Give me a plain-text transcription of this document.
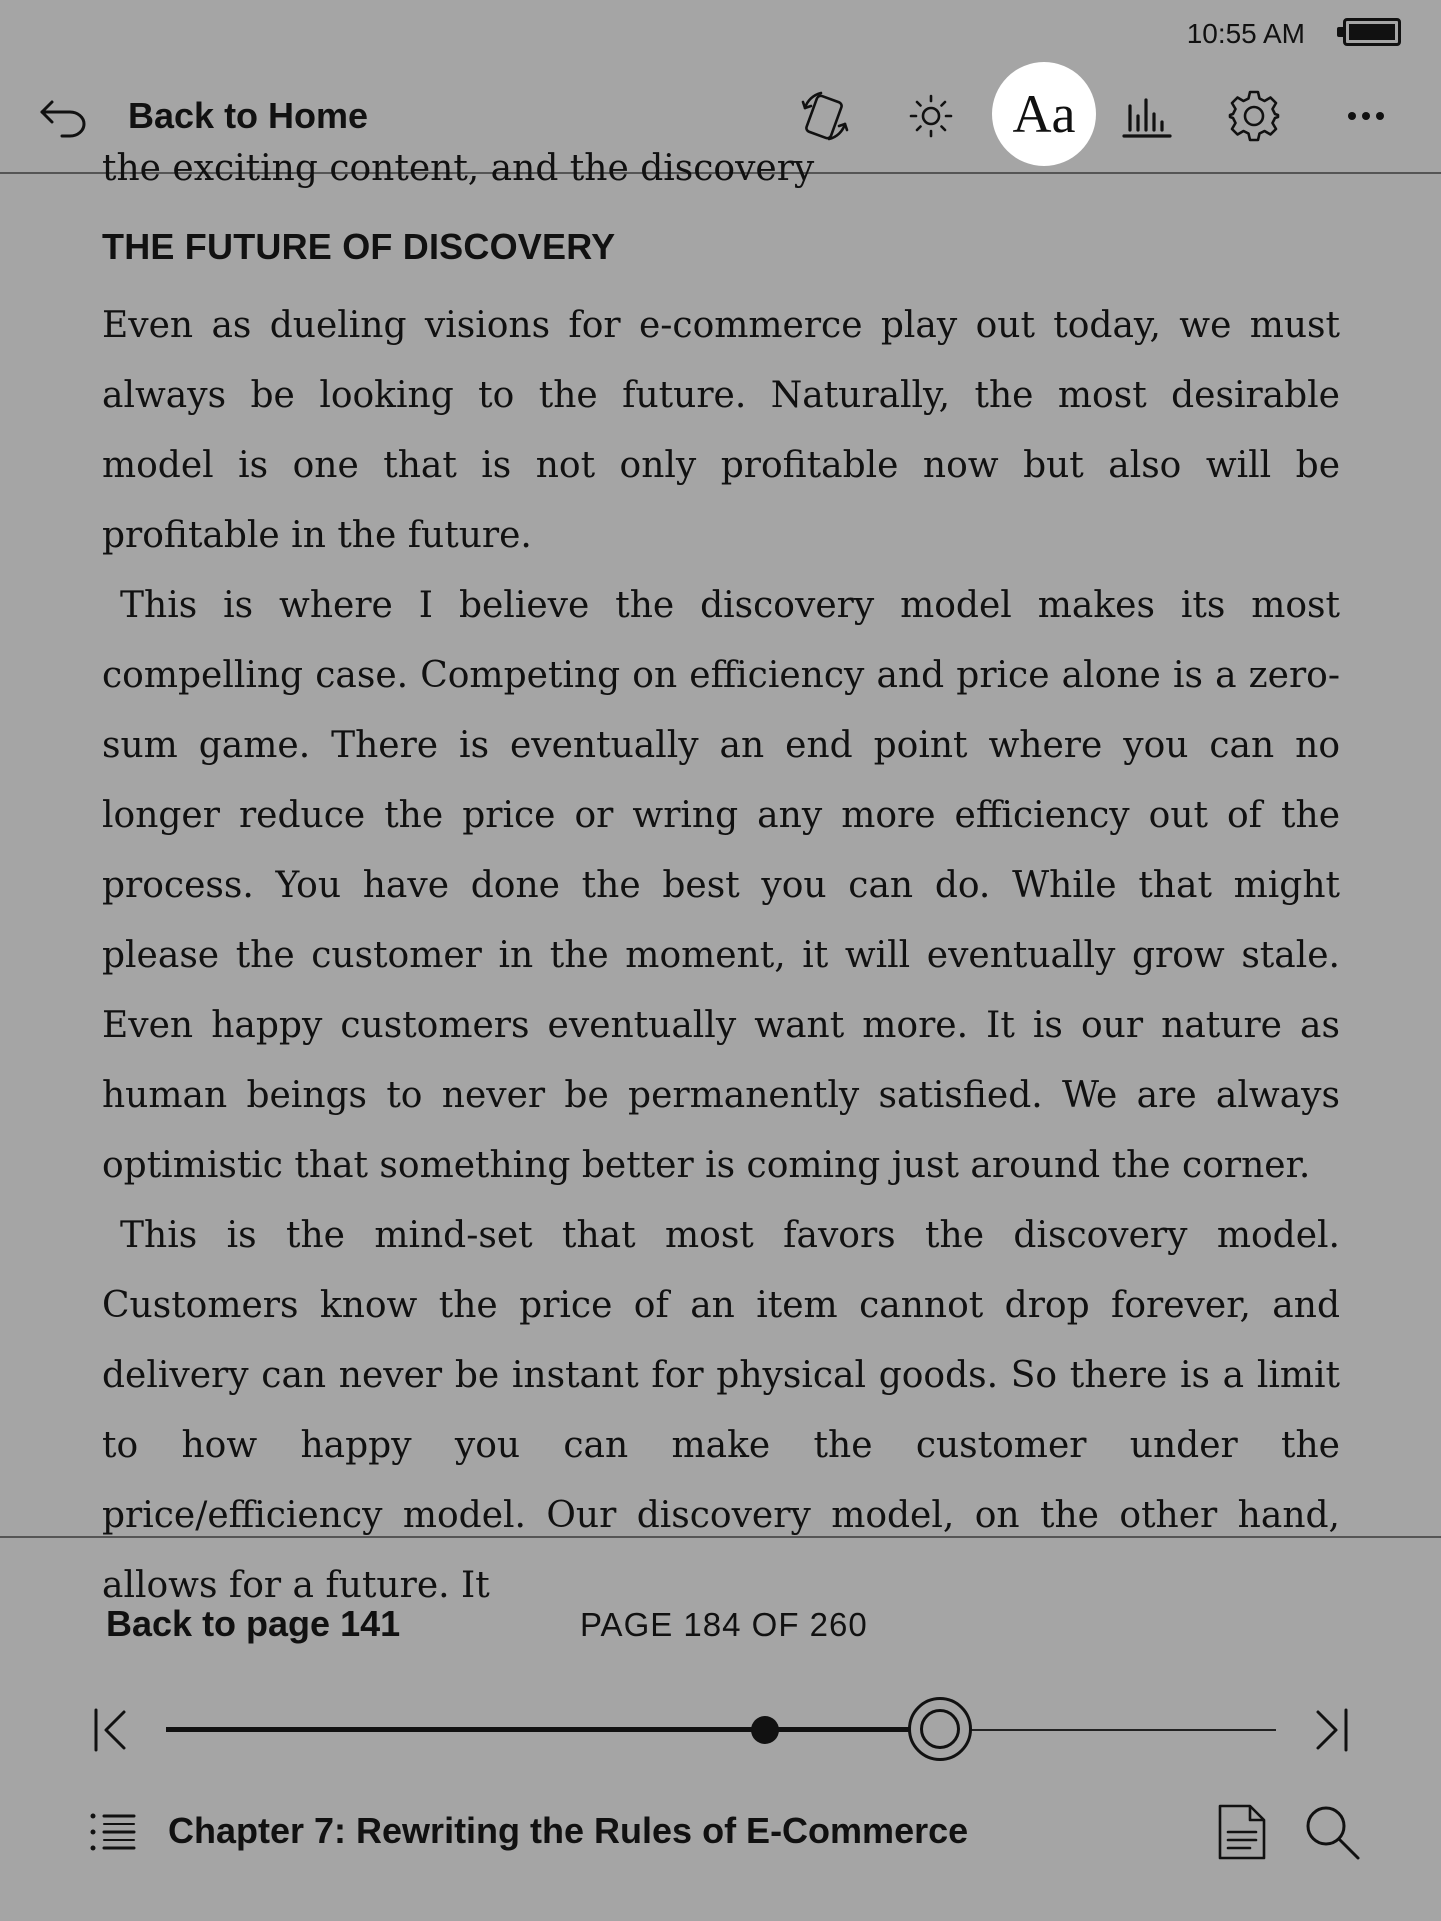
10:55 AM
Back to Home	Aa
the exciting content, and the discovery
THE FUTURE OF DISCOVERY

Even as dueling visions for e-commerce play out today, we must always be looking to the future. Naturally, the most desirable model is one that is not only profitable now but also will be profitable in the future.

This is where I believe the discovery model makes its most compelling case. Competing on efficiency and price alone is a zero-sum game. There is eventually an end point where you can no longer reduce the price or wring any more efficiency out of the process. You have done the best you can do. While that might please the customer in the moment, it will eventually grow stale. Even happy customers eventually want more. It is our nature as human beings to never be permanently satisfied. We are always optimistic that something better is coming just around the corner.

This is the mind-set that most favors the discovery model. Customers know the price of an item cannot drop forever, and delivery can never be instant for physical goods. So there is a limit to how happy you can make the customer under the price/efficiency model. Our discovery model, on the other hand, allows for a future. It

Back to page 141	PAGE 184 OF 260
Chapter 7: Rewriting the Rules of E-Commerce
